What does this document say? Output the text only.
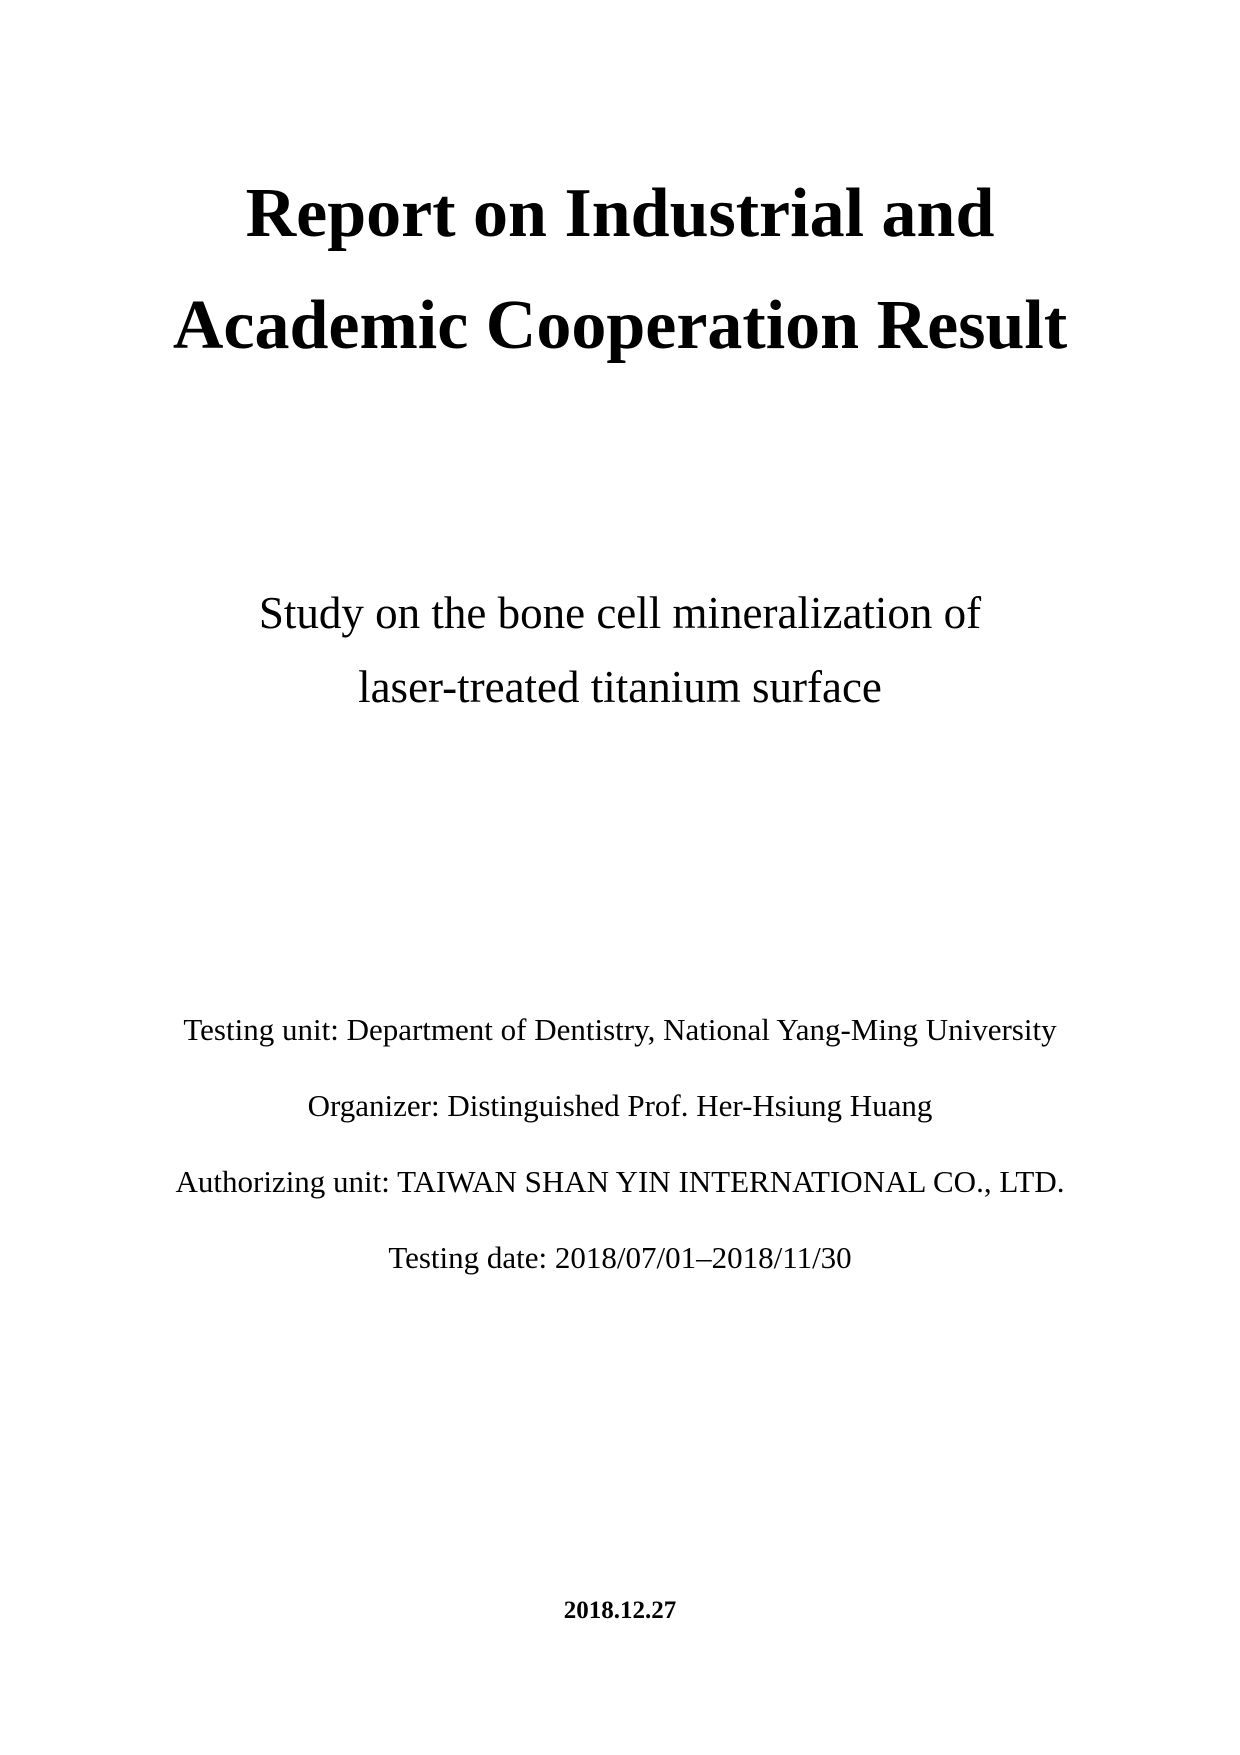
Report on Industrial and
Academic Cooperation Result
Study on the bone cell mineralization of
laser-treated titanium surface
Testing unit: Department of Dentistry, National Yang-Ming University
Organizer: Distinguished Prof. Her-Hsiung Huang
Authorizing unit: TAIWAN SHAN YIN INTERNATIONAL CO., LTD.
Testing date: 2018/07/01–2018/11/30
2018.12.27
